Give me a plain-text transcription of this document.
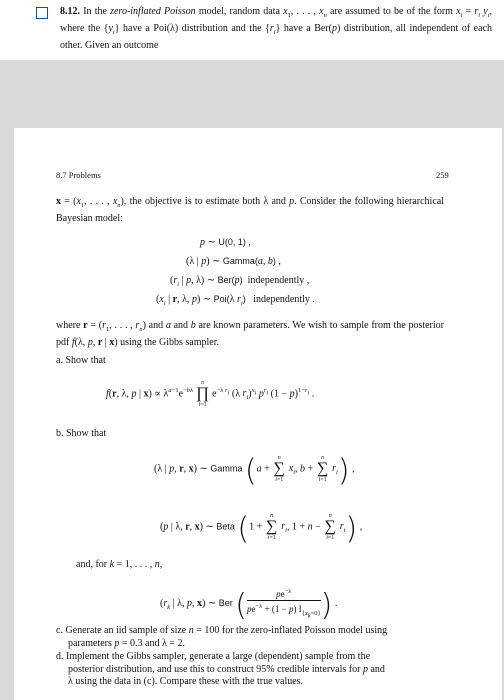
8.12. In the zero-inflated Poisson model, random data $x_1$, . . . , $x_n$ are assumed to be of the form $x_i = r_i$ $y_i$, where the $\{y_i\}$ have a Poi(λ) distribution and the $\{r_i\}$ have a Ber(p) distribution, all independent of each other. Given an outcome
8.7 Problems	259
$x = (x_1$, . . . , $x_n$), the objective is to estimate both λ and p. Consider the following hierarchical Bayesian model:
p ∼ U(0, 1) ,
(λ | p) ∼ Gamma(a, b) ,
($r_i$ | p, λ) ∼ Ber(p)  independently ,
($x_i$ | r, λ, p) ∼ Poi(λ $r_i$)   independently .
where $r = (r_1$, . . . , $r_n$) and a and b are known parameters. We wish to sample from the posterior pdf f(λ, p, r | x) using the Gibbs sampler.
a. Show that
f(r, λ, p | $x) \propto \lambda^{a-1}e^{-b\lambda}$
n
∏
i=1
$e^{-\lambda r_i}$ (λ $r_i)^{x_i}$ $p^{r_i}$ $(1 - p)^{1-r_i}$ .
b. Show that
(λ | p, r, x) ∼ Gamma (a +
n
∑
i=1
$x_i$, b +
n
∑
i=1
$r_i$) ,
(p | λ, r, x) ∼ Beta (1 +
n
∑
i=1
$r_i$, 1 + n −
n
∑
i=1
$r_i$) ,
and, for k = 1, . . . , n,
($r_k$ | λ, p, x) ∼ Ber ( $\frac{pe^{-\lambda}}{pe^{-\lambda} + (1 - p) I_{\{x_k=0\}}}$ ) .
c. Generate an iid sample of size n = 100 for the zero-inflated Poisson model using
parameters p = 0.3 and λ = 2.
d. Implement the Gibbs sampler, generate a large (dependent) sample from the
posterior distribution, and use this to construct 95% credible intervals for p and
λ using the data in (c). Compare these with the true values.
